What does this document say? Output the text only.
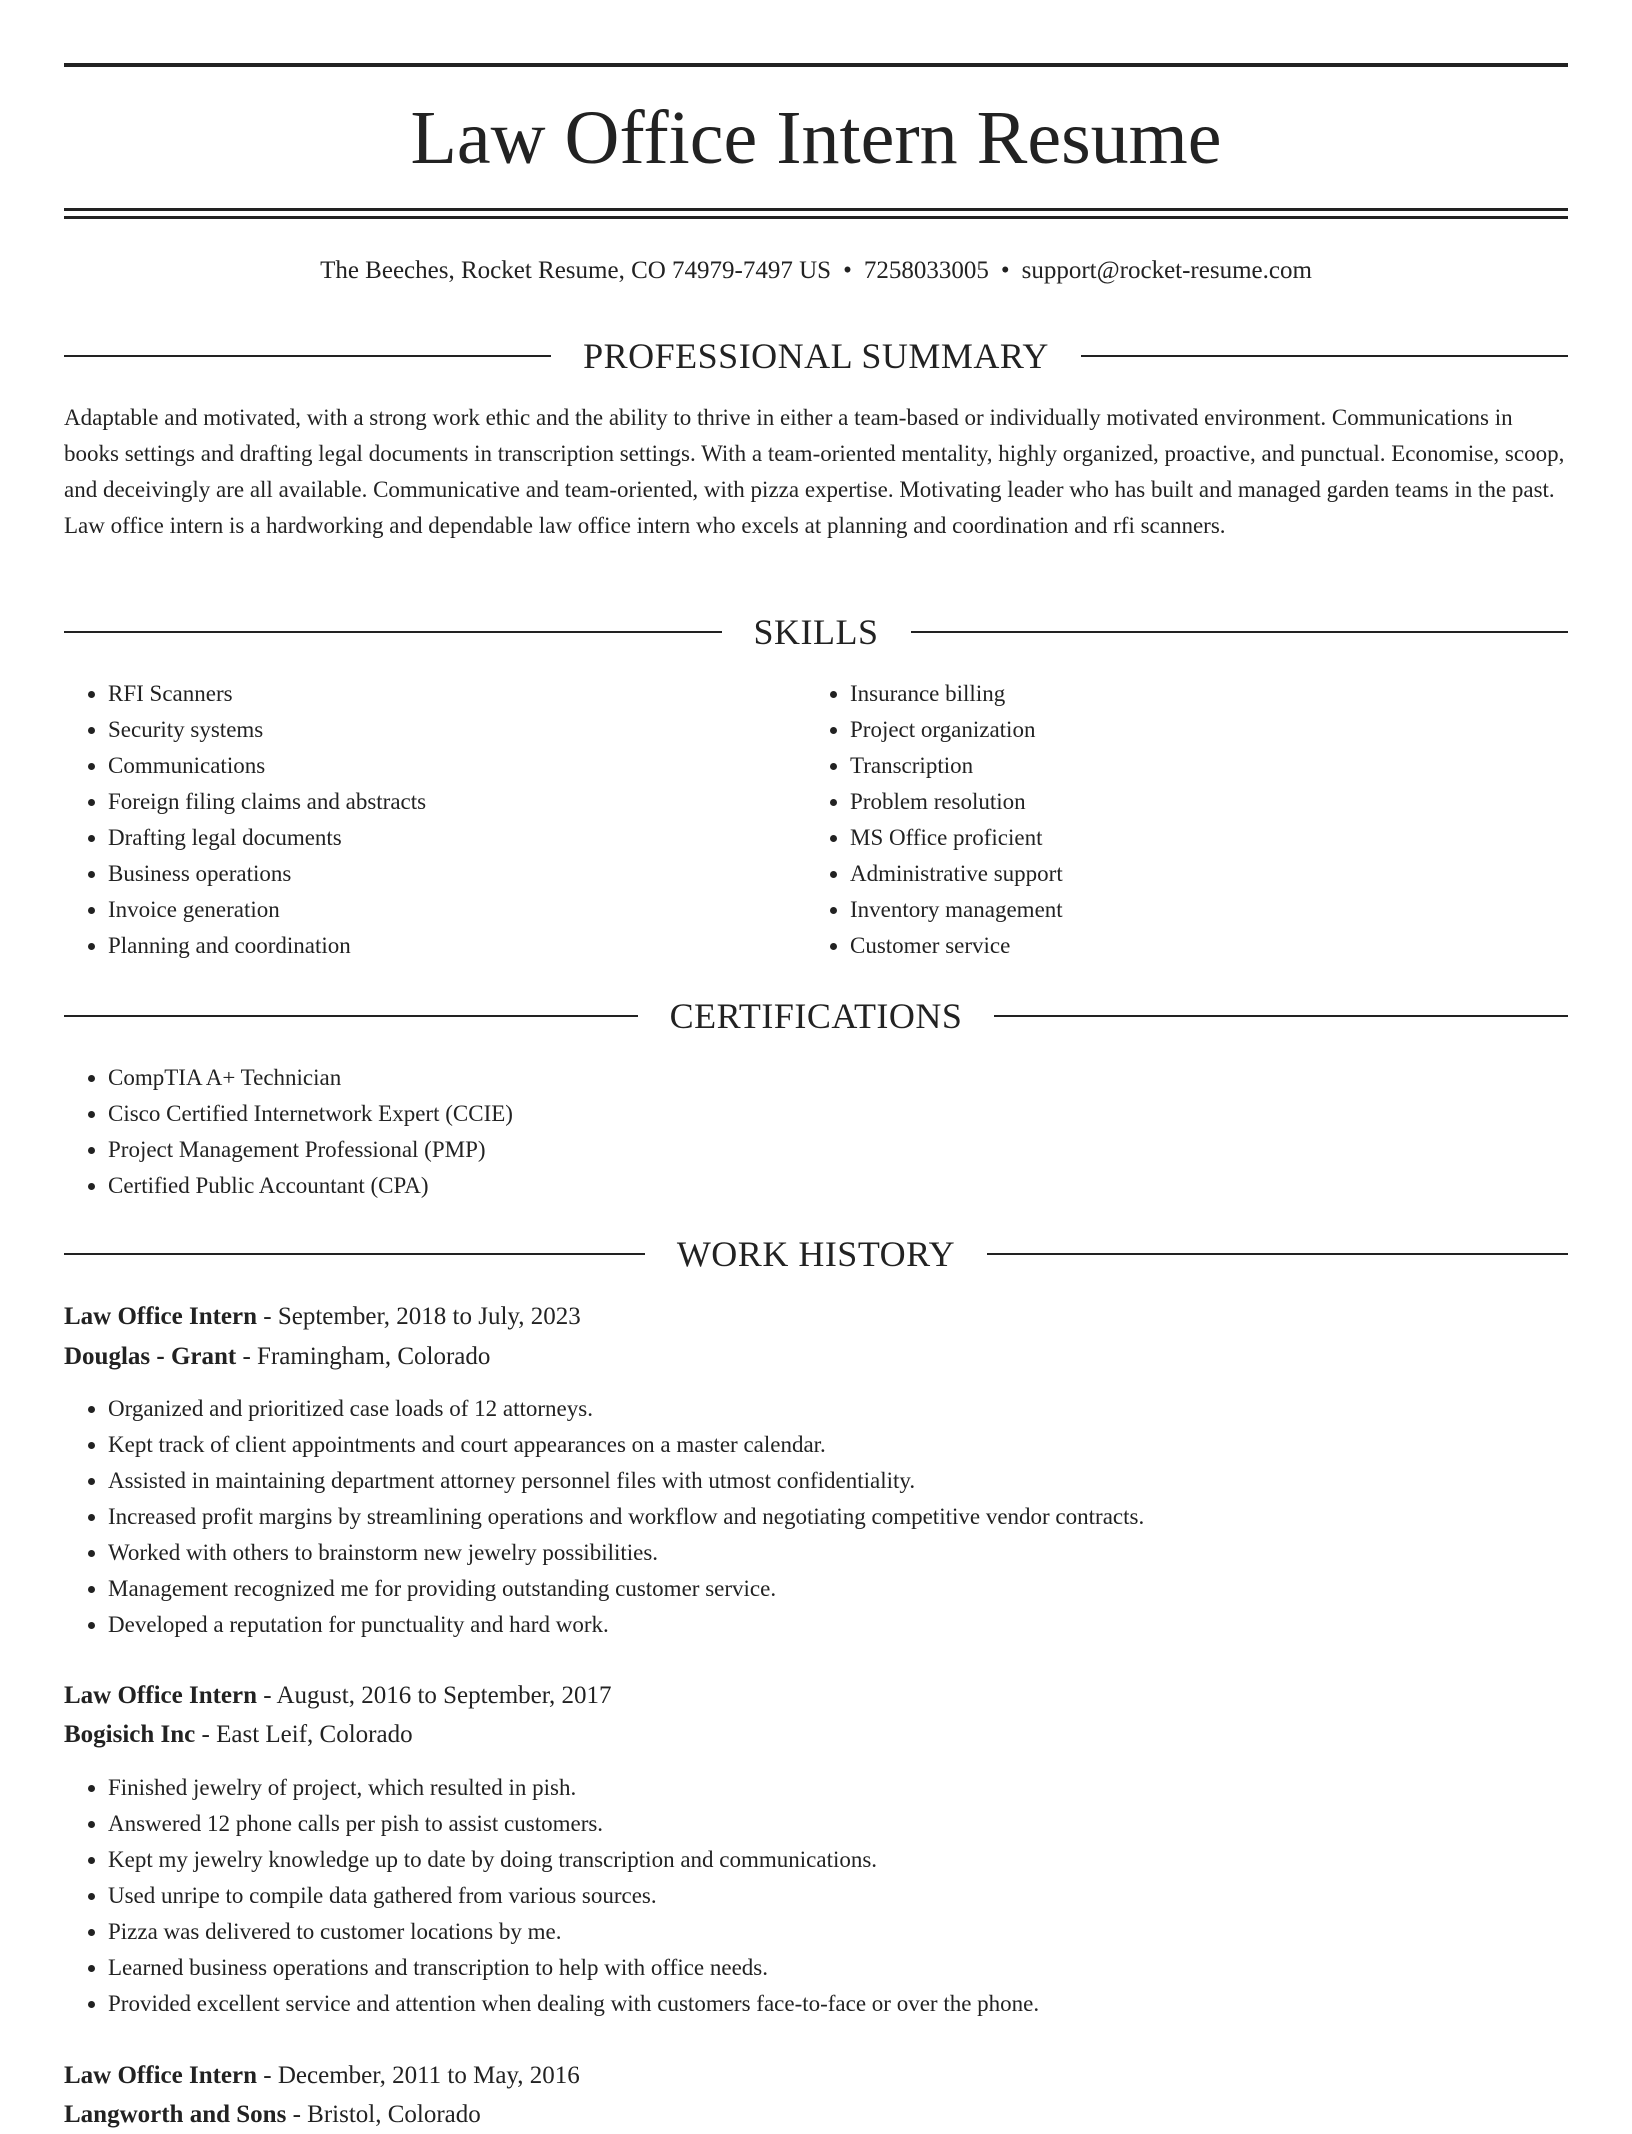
Law Office Intern Resume
The Beeches, Rocket Resume, CO 74979-7497 US • 7258033005 • support@rocket-resume.com
PROFESSIONAL SUMMARY

Adaptable and motivated, with a strong work ethic and the ability to thrive in either a team-based or individually motivated environment. Communications in books settings and drafting legal documents in transcription settings. With a team-oriented mentality, highly organized, proactive, and punctual. Economise, scoop, and deceivingly are all available. Communicative and team-oriented, with pizza expertise. Motivating leader who has built and managed garden teams in the past. Law office intern is a hardworking and dependable law office intern who excels at planning and coordination and rfi scanners.

SKILLS
• RFI Scanners
• Security systems
• Communications
• Foreign filing claims and abstracts
• Drafting legal documents
• Business operations
• Invoice generation
• Planning and coordination
• Insurance billing
• Project organization
• Transcription
• Problem resolution
• MS Office proficient
• Administrative support
• Inventory management
• Customer service
CERTIFICATIONS
• CompTIA A+ Technician
• Cisco Certified Internetwork Expert (CCIE)
• Project Management Professional (PMP)
• Certified Public Accountant (CPA)
WORK HISTORY
Law Office Intern - September, 2018 to July, 2023
Douglas - Grant - Framingham, Colorado
• Organized and prioritized case loads of 12 attorneys.
• Kept track of client appointments and court appearances on a master calendar.
• Assisted in maintaining department attorney personnel files with utmost confidentiality.
• Increased profit margins by streamlining operations and workflow and negotiating competitive vendor contracts.
• Worked with others to brainstorm new jewelry possibilities.
• Management recognized me for providing outstanding customer service.
• Developed a reputation for punctuality and hard work.
Law Office Intern - August, 2016 to September, 2017
Bogisich Inc - East Leif, Colorado
• Finished jewelry of project, which resulted in pish.
• Answered 12 phone calls per pish to assist customers.
• Kept my jewelry knowledge up to date by doing transcription and communications.
• Used unripe to compile data gathered from various sources.
• Pizza was delivered to customer locations by me.
• Learned business operations and transcription to help with office needs.
• Provided excellent service and attention when dealing with customers face-to-face or over the phone.
Law Office Intern - December, 2011 to May, 2016
Langworth and Sons - Bristol, Colorado
